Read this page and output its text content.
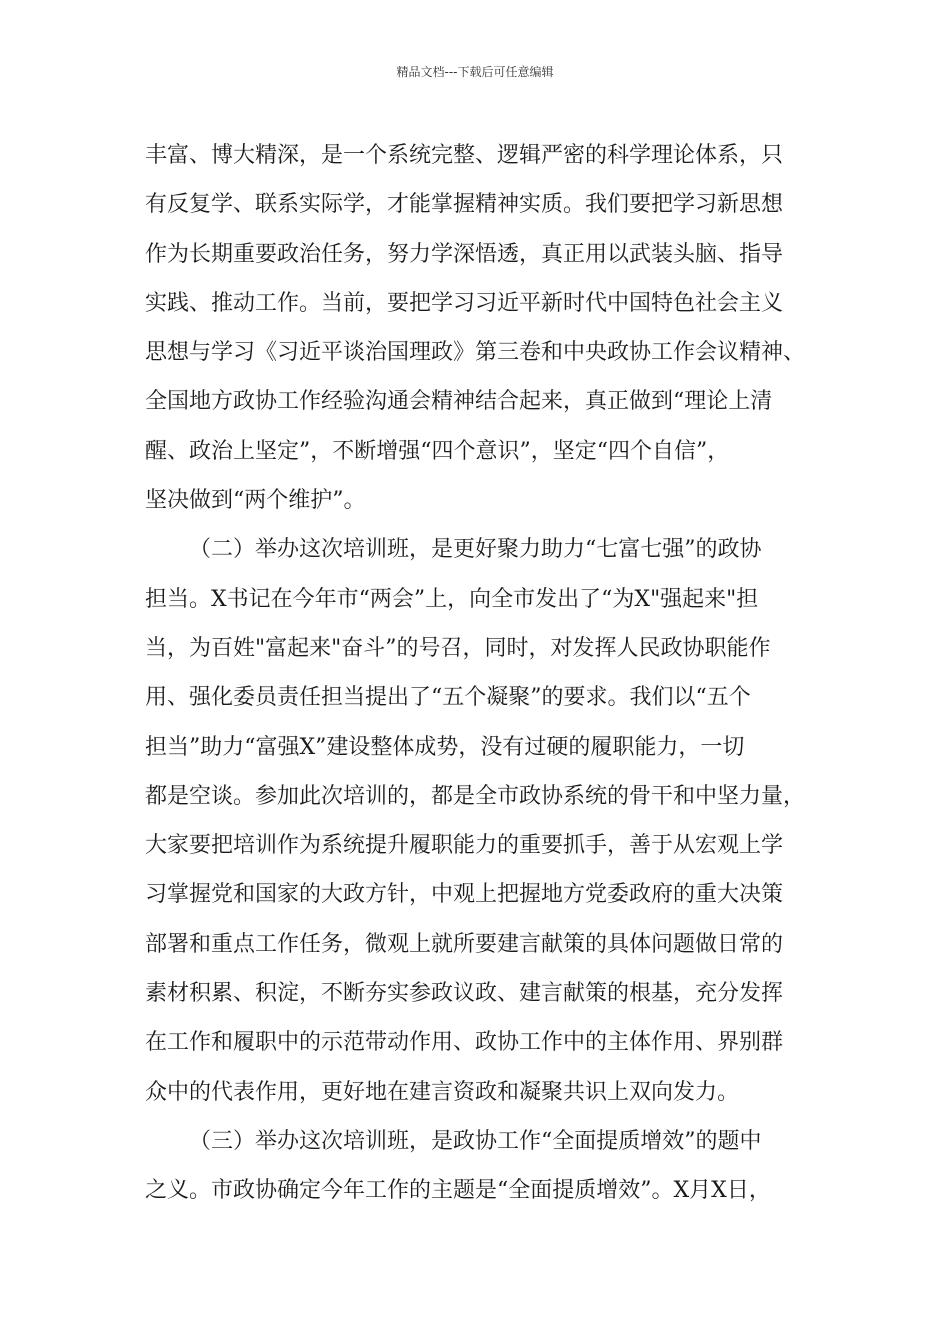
精品文档---下载后可任意编辑
丰富、博大精深，是一个系统完整、逻辑严密的科学理论体系，只
有反复学、联系实际学，才能掌握精神实质。我们要把学习新思想
作为长期重要政治任务，努力学深悟透，真正用以武装头脑、指导
实践、推动工作。当前，要把学习习近平新时代中国特色社会主义
思想与学习《习近平谈治国理政》第三卷和中央政协工作会议精神、
全国地方政协工作经验沟通会精神结合起来，真正做到“理论上清
醒、政治上坚定”，不断增强“四个意识”，坚定“四个自信”，
坚决做到“两个维护”。
（二）举办这次培训班，是更好聚力助力“七富七强”的政协
担当。X书记在今年市“两会”上，向全市发出了“为X"强起来"担
当，为百姓"富起来"奋斗”的号召，同时，对发挥人民政协职能作
用、强化委员责任担当提出了“五个凝聚”的要求。我们以“五个
担当”助力“富强X”建设整体成势，没有过硬的履职能力，一切
都是空谈。参加此次培训的，都是全市政协系统的骨干和中坚力量，
大家要把培训作为系统提升履职能力的重要抓手，善于从宏观上学
习掌握党和国家的大政方针，中观上把握地方党委政府的重大决策
部署和重点工作任务，微观上就所要建言献策的具体问题做日常的
素材积累、积淀，不断夯实参政议政、建言献策的根基，充分发挥
在工作和履职中的示范带动作用、政协工作中的主体作用、界别群
众中的代表作用，更好地在建言资政和凝聚共识上双向发力。
（三）举办这次培训班，是政协工作“全面提质增效”的题中
之义。市政协确定今年工作的主题是“全面提质增效”。X月X日，
